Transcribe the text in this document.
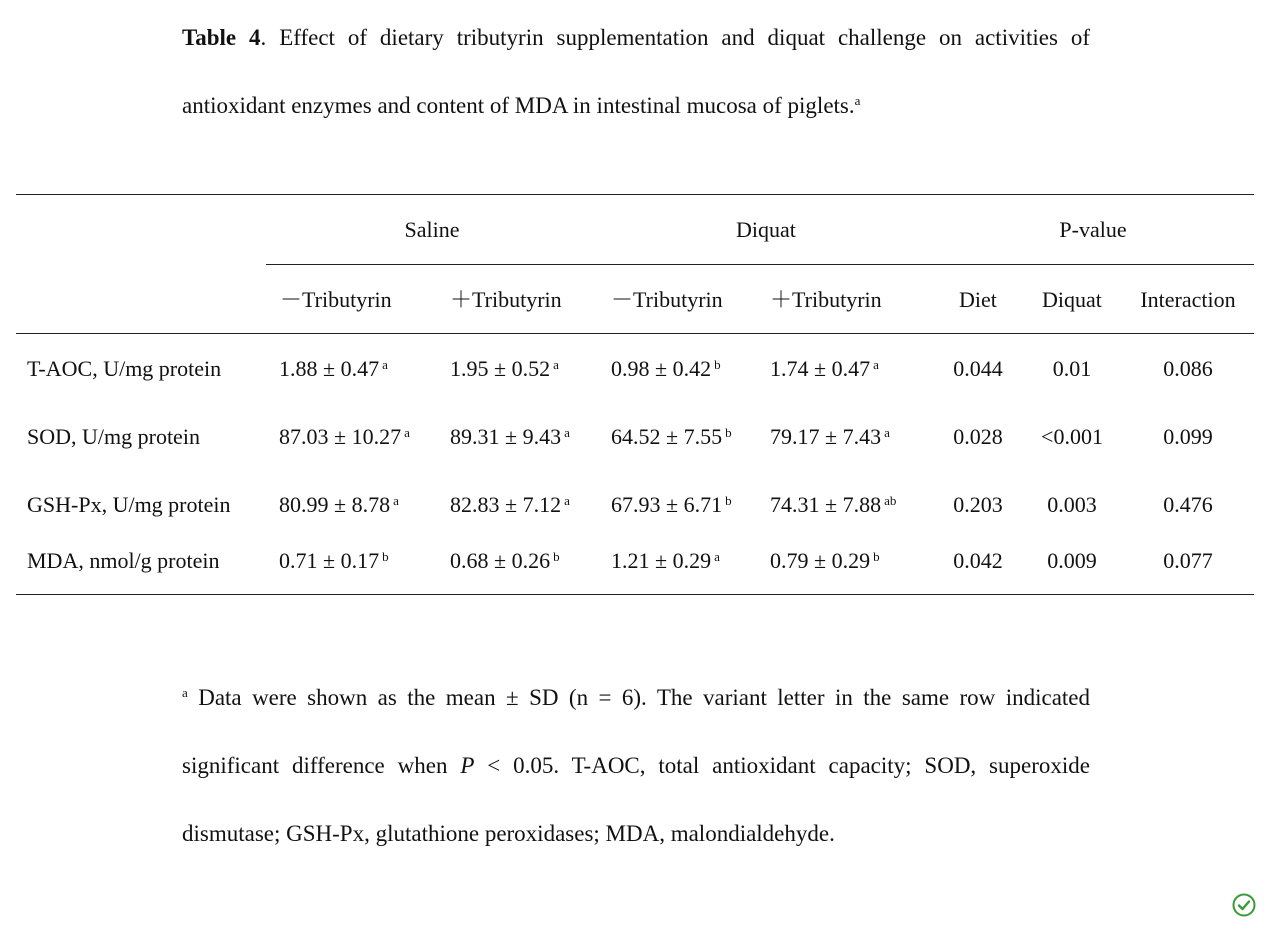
Table 4. Effect of dietary tributyrin supplementation and diquat challenge on activities of antioxidant enzymes and content of MDA in intestinal mucosa of piglets.$^a$
Saline	Diquat	P-value
－Tributyrin	＋Tributyrin －Tributyrin ＋Tributyrin	Diet	Diquat	Interaction
T-AOC, U/mg protein	1.88 ± 0.47 $^a$	1.95 ± 0.52 $^a$ 0.98 ± 0.42 $^b$ 1.74 ± 0.47 $^a$	0.044	0.01	0.086
SOD, U/mg protein	87.03 ± 10.27 $^a$ 89.31 ± 9.43 $^a$ 64.52 ± 7.55 $^b$ 79.17 ± 7.43 $^a$	0.028	<0.001	0.099
GSH-Px, U/mg protein 80.99 ± 8.78 $^a$ 82.83 ± 7.12 $^a$ 67.93 ± 6.71 $^b$ 74.31 ± 7.88 $^{ab}$	0.203	0.003	0.476
MDA, nmol/g protein	0.71 ± 0.17 $^b$	0.68 ± 0.26 $^b$ 1.21 ± 0.29 $^a$ 0.79 ± 0.29 $^b$	0.042	0.009	0.077
$^a$ Data were shown as the mean ± SD (n = 6). The variant letter in the same row indicated significant difference when P < 0.05. T-AOC, total antioxidant capacity; SOD, superoxide dismutase; GSH-Px, glutathione peroxidases; MDA, malondialdehyde.
